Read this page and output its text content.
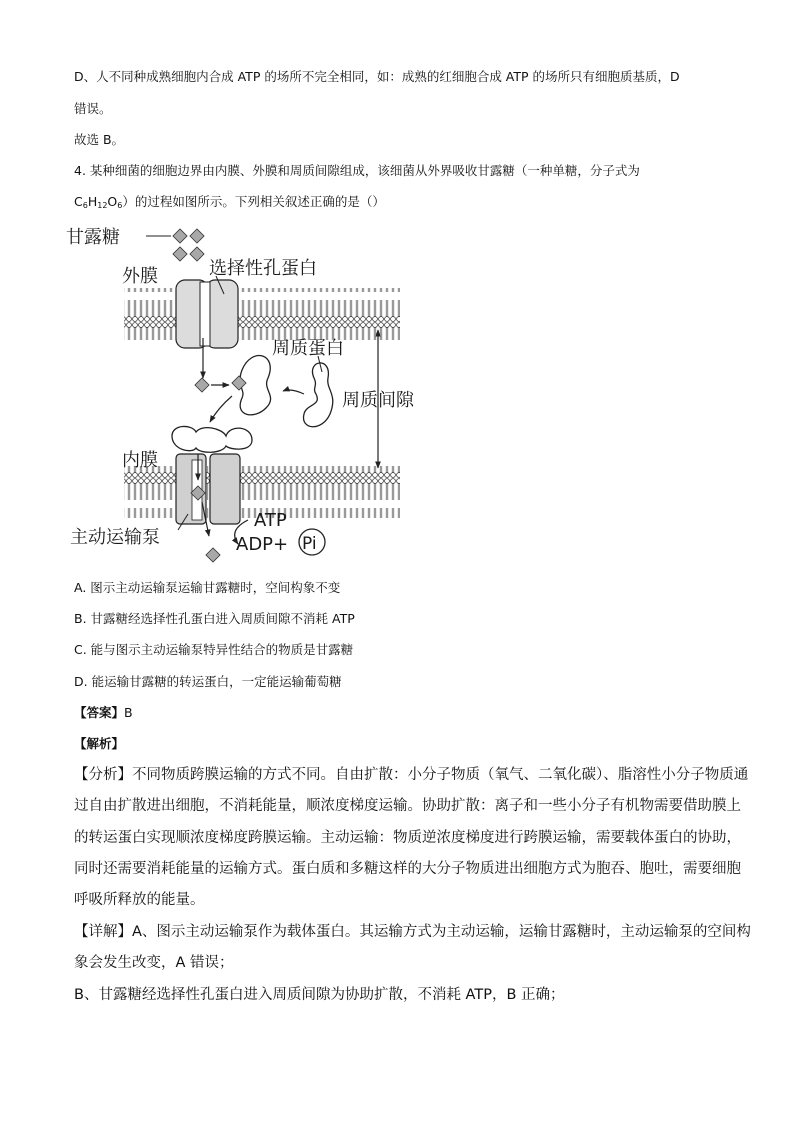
D、人不同种成熟细胞内合成 ATP 的场所不完全相同，如：成熟的红细胞合成 ATP 的场所只有细胞质基质，D
错误。
故选 B。
4. 某种细菌的细胞边界由内膜、外膜和周质间隙组成，该细菌从外界吸收甘露糖（一种单糖，分子式为
$C_6H_{12}O_6$）的过程如图所示。下列相关叙述正确的是（）
甘露糖
外膜	选择性孔蛋白
周质蛋白
周质间隙
内膜
主动运输泵
ATP
ADP+ Pi
A. 图示主动运输泵运输甘露糖时，空间构象不变
B. 甘露糖经选择性孔蛋白进入周质间隙不消耗 ATP
C. 能与图示主动运输泵特异性结合的物质是甘露糖
D. 能运输甘露糖的转运蛋白，一定能运输葡萄糖
【答案】B
【解析】
【分析】不同物质跨膜运输的方式不同。自由扩散：小分子物质（氧气、二氧化碳）、脂溶性小分子物质通
过自由扩散进出细胞，不消耗能量，顺浓度梯度运输。协助扩散：离子和一些小分子有机物需要借助膜上
的转运蛋白实现顺浓度梯度跨膜运输。主动运输：物质逆浓度梯度进行跨膜运输，需要载体蛋白的协助，
同时还需要消耗能量的运输方式。蛋白质和多糖这样的大分子物质进出细胞方式为胞吞、胞吐，需要细胞
呼吸所释放的能量。
【详解】A、图示主动运输泵作为载体蛋白。其运输方式为主动运输，运输甘露糖时，主动运输泵的空间构
象会发生改变，A 错误；
B、甘露糖经选择性孔蛋白进入周质间隙为协助扩散，不消耗 ATP，B 正确；
